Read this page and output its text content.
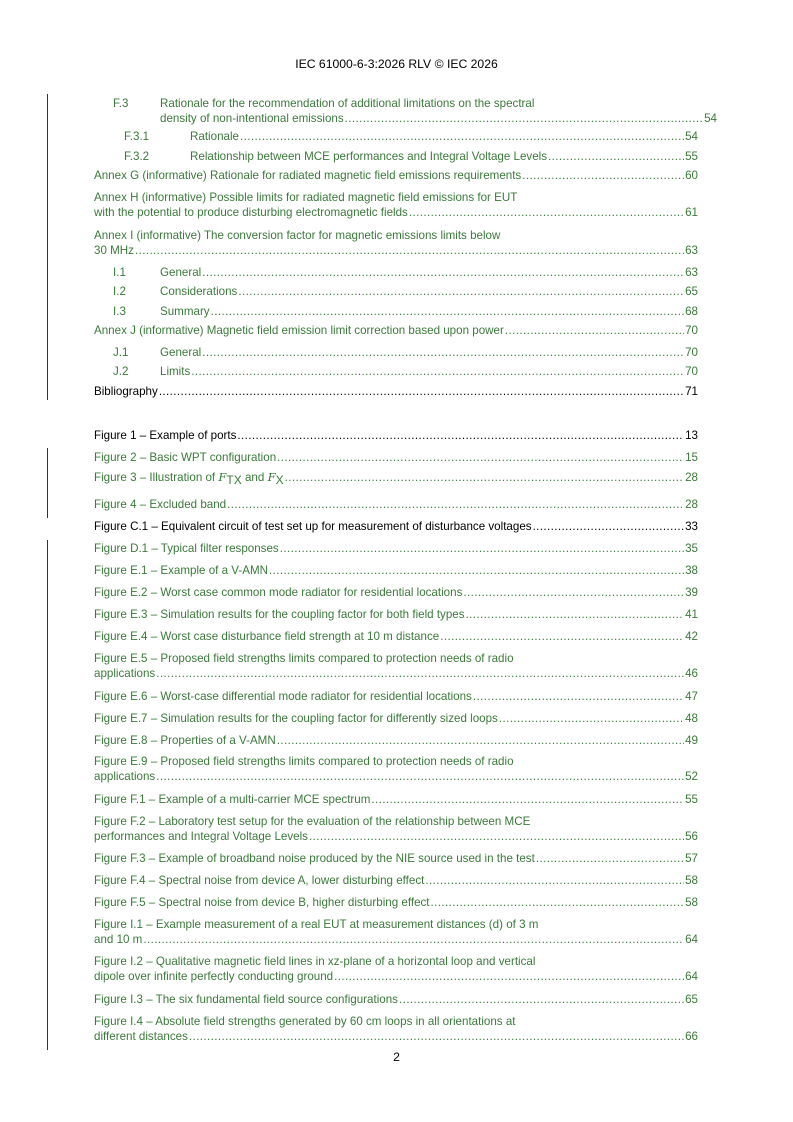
IEC 61000-6-3:2026 RLV © IEC 2026
F.3	Rationale for the recommendation of additional limitations on the spectral
density of non-intentional emissions .....	54
F.3.1	Rationale .....	54
F.3.2	Relationship between MCE performances and Integral Voltage Levels .....	55
Annex G (informative) Rationale for radiated magnetic field emissions requirements .....	60
Annex H (informative) Possible limits for radiated magnetic field emissions for EUT
with the potential to produce disturbing electromagnetic fields .....	61
Annex I (informative) The conversion factor for magnetic emissions limits below
30 MHz .....	63
I.1	General .....	63
I.2	Considerations .....	65
I.3	Summary .....	68
Annex J (informative) Magnetic field emission limit correction based upon power .....	70
J.1	General .....	70
J.2	Limits .....	70
Bibliography .....	71
Figure 1 – Example of ports .....	13
Figure 2 – Basic WPT configuration .....	15
Figure 3 – Illustration of FTX and FX .....	28
Figure 4 – Excluded band .....	28
Figure C.1 – Equivalent circuit of test set up for measurement of disturbance voltages .....	33
Figure D.1 – Typical filter responses .....	35
Figure E.1 – Example of a V-AMN .....	38
Figure E.2 – Worst case common mode radiator for residential locations .....	39
Figure E.3 – Simulation results for the coupling factor for both field types .....	41
Figure E.4 – Worst case disturbance field strength at 10 m distance .....	42
Figure E.5 – Proposed field strengths limits compared to protection needs of radio
applications .....	46
Figure E.6 – Worst-case differential mode radiator for residential locations .....	47
Figure E.7 – Simulation results for the coupling factor for differently sized loops .....	48
Figure E.8 – Properties of a V-AMN .....	49
Figure E.9 – Proposed field strengths limits compared to protection needs of radio
applications .....	52
Figure F.1 – Example of a multi-carrier MCE spectrum .....	55
Figure F.2 – Laboratory test setup for the evaluation of the relationship between MCE
performances and Integral Voltage Levels .....	56
Figure F.3 – Example of broadband noise produced by the NIE source used in the test .....	57
Figure F.4 – Spectral noise from device A, lower disturbing effect .....	58
Figure F.5 – Spectral noise from device B, higher disturbing effect .....	58
Figure I.1 – Example measurement of a real EUT at measurement distances (d) of 3 m
and 10 m .....	64
Figure I.2 – Qualitative magnetic field lines in xz-plane of a horizontal loop and vertical
dipole over infinite perfectly conducting ground .....	64
Figure I.3 – The six fundamental field source configurations .....	65
Figure I.4 – Absolute field strengths generated by 60 cm loops in all orientations at
different distances .....	66
2
